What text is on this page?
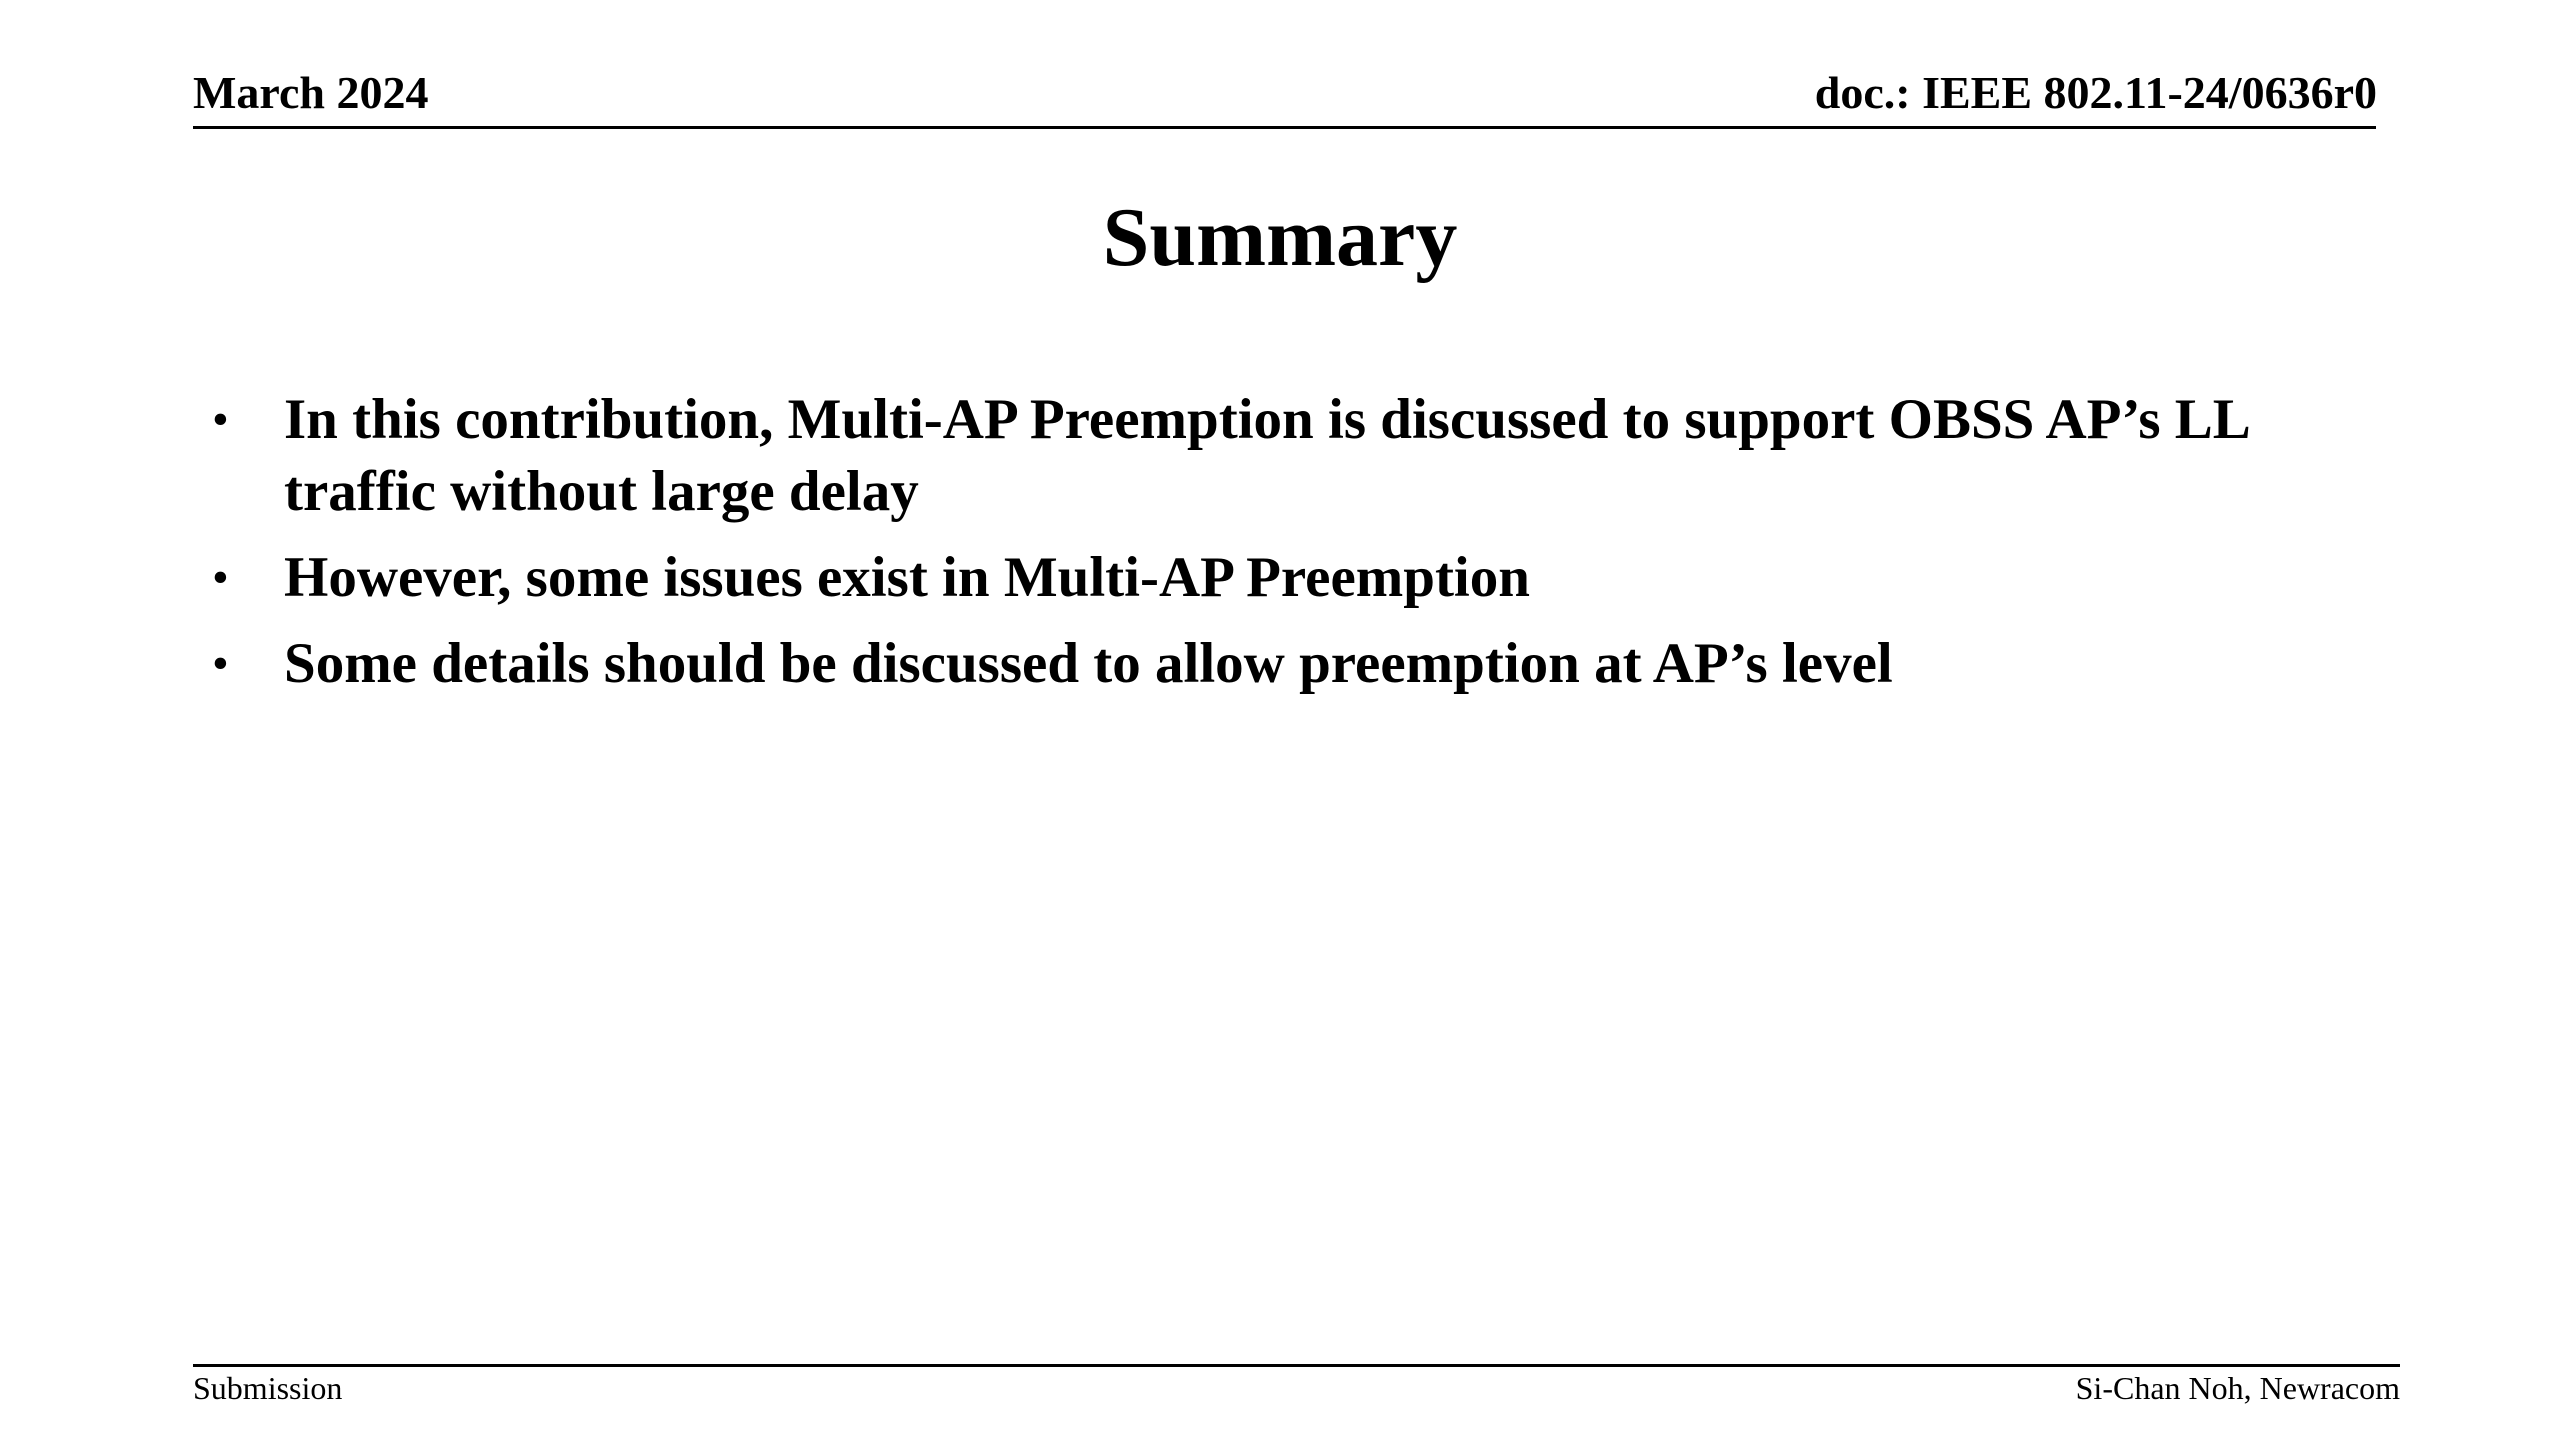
March 2024	doc.: IEEE 802.11-24/0636r0
Summary
• In this contribution, Multi-AP Preemption is discussed to support OBSS AP’s LL traffic without large delay
• However, some issues exist in Multi-AP Preemption
• Some details should be discussed to allow preemption at AP’s level
Submission	Si-Chan Noh, Newracom
